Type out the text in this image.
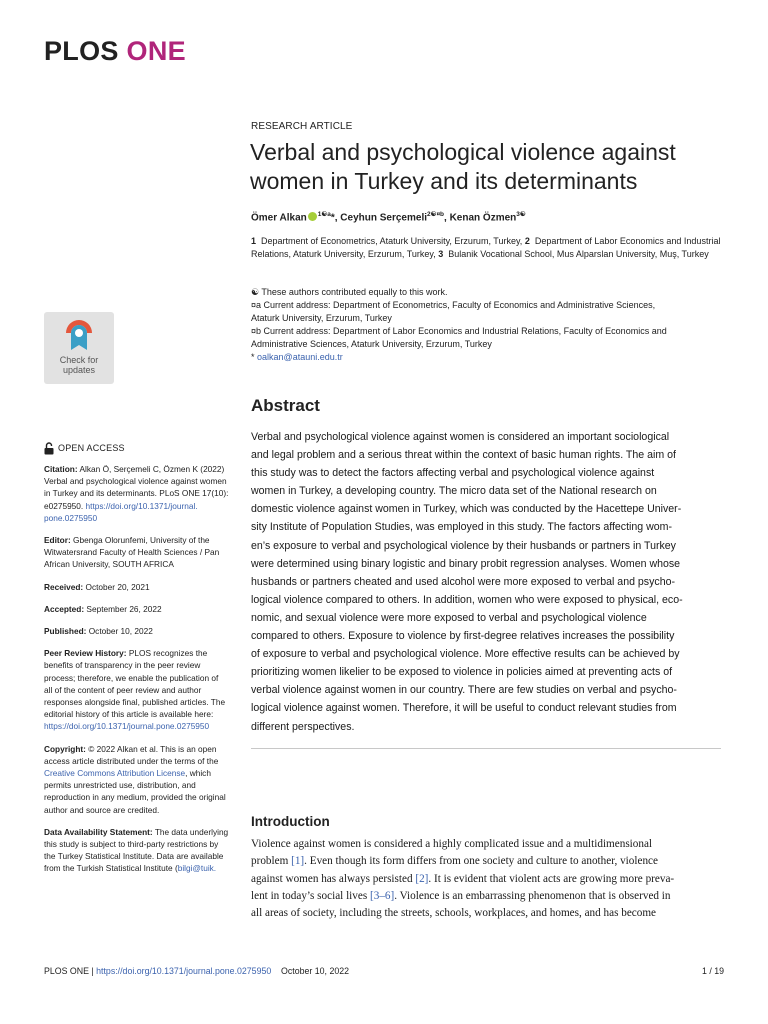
PLOS ONE
RESEARCH ARTICLE
Verbal and psychological violence against
women in Turkey and its determinants
Ömer Alkan $^{1☯a}$*, Ceyhun Serçemeli$^{2☯¤b}$, Kenan Özmen$^{3☯}$
1 Department of Econometrics, Ataturk University, Erzurum, Turkey, 2 Department of Labor Economics and Industrial Relations, Ataturk University, Erzurum, Turkey, 3 Bulanik Vocational School, Mus Alparslan University, Muş, Turkey

☯ These authors contributed equally to this work.

¤a Current address: Department of Econometrics, Faculty of Economics and Administrative Sciences,

Ataturk University, Erzurum, Turkey

¤b Current address: Department of Labor Economics and Industrial Relations, Faculty of Economics and

Administrative Sciences, Ataturk University, Erzurum, Turkey

* oalkan@atauni.edu.tr

Check for
updates
Abstract

Verbal and psychological violence against women is considered an important sociological
and legal problem and a serious threat within the context of basic human rights. The aim of
this study was to detect the factors affecting verbal and psychological violence against
women in Turkey, a developing country. The micro data set of the National research on
domestic violence against women in Turkey, which was conducted by the Hacettepe Univer-
sity Institute of Population Studies, was employed in this study. The factors affecting wom-
en’s exposure to verbal and psychological violence by their husbands or partners in Turkey
were determined using binary logistic and binary probit regression analyses. Women whose
husbands or partners cheated and used alcohol were more exposed to verbal and psycho-
logical violence compared to others. In addition, women who were exposed to physical, eco-
nomic, and sexual violence were more exposed to verbal and psychological violence
compared to others. Exposure to violence by first-degree relatives increases the possibility
of exposure to verbal and psychological violence. More effective results can be achieved by
prioritizing women likelier to be exposed to violence in policies aimed at preventing acts of
verbal violence against women in our country. There are few studies on verbal and psycho-
logical violence against women. Therefore, it will be useful to conduct relevant studies from
different perspectives.

Introduction
Violence against women is considered a highly complicated issue and a multidimensional
problem [1]. Even though its form differs from one society and culture to another, violence
against women has always persisted [2]. It is evident that violent acts are growing more preva-
lent in today’s social lives [3–6]. Violence is an embarrassing phenomenon that is observed in
all areas of society, including the streets, schools, workplaces, and homes, and has become
OPEN ACCESS
Citation: Alkan Ö, Serçemeli C, Özmen K (2022)
Verbal and psychological violence against women
in Turkey and its determinants. PLoS ONE 17(10):
e0275950. https://doi.org/10.1371/journal.
pone.0275950
Editor: Gbenga Olorunfemi, University of the
Witwatersrand Faculty of Health Sciences / Pan
African University, SOUTH AFRICA
Received: October 20, 2021
Accepted: September 26, 2022
Published: October 10, 2022
Peer Review History: PLOS recognizes the
benefits of transparency in the peer review
process; therefore, we enable the publication of
all of the content of peer review and author
responses alongside final, published articles. The
editorial history of this article is available here:
https://doi.org/10.1371/journal.pone.0275950
Copyright: © 2022 Alkan et al. This is an open
access article distributed under the terms of the
Creative Commons Attribution License, which
permits unrestricted use, distribution, and
reproduction in any medium, provided the original
author and source are credited.
Data Availability Statement: The data underlying
this study is subject to third-party restrictions by
the Turkey Statistical Institute. Data are available
from the Turkish Statistical Institute (bilgi@tuik.
PLOS ONE | https://doi.org/10.1371/journal.pone.0275950    October 10, 2022	1 / 19
